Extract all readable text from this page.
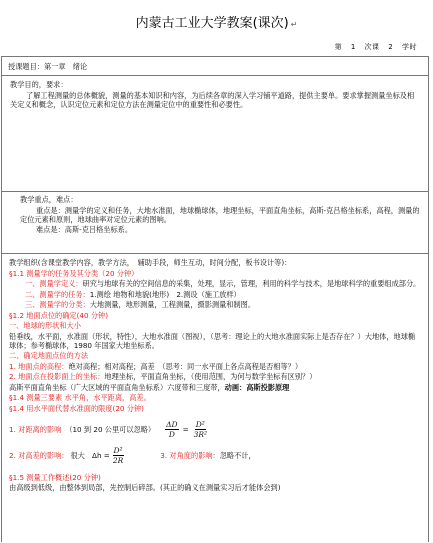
内蒙古工业大学教案(课次) ↵
第 1 次课 2 学时
授课题目：第一章　绪论
教学目的，要求：
了解工程测量的总体概貌，测量的基本知识和内容，为后续各章的深入学习铺平道路，提供主要单。要求掌握测量坐标及相关定义和概念，认识定位元素和定位方法在测量定位中的重要性和必要性。
教学重点，难点：
重点是：测量学的定义和任务，大地水准面，地球椭球体，地理坐标，平面直角坐标，高斯-克吕格坐标系，高程，测量的定位元素和原则，地球曲率对定位元素的图响。
难点是：高斯-克吕格坐标系。
教学组织(含课堂教学内容，教学方法，　辅助手段，师生互动，时间分配，板书设计等)：
§1.1 测量学的任务及其分类（20 分钟）
一、测量学定义：研究与地球有关的空间信息的采集，处理，显示，管理，利用的科学与技术，是地球科学的重要组成部分。
二、测量学的任务：1.测绘 地物和地貌(地形)　2.测设（施工放样）
三、测量学的分类：大地测量，地形测量，工程测量，摄影测量和制图。
§1.2 地面点位的确定(40 分钟)
一、地球的形状和大小
铅垂线，水平面，水准面（形状，特性），大地水准面（图视），（思考：理论上的大地水准面实际上是否存在？）大地体，地球椭球体；参考椭球体，1980 年国家大地坐标系。
二、确定地面点位的方法
1. 地面点的高程：绝对高程；相对高程；高差　（思考：同一水平面上各点高程是否相等？）
2. 地面点在投影面上的坐标：地理坐标，平面直角坐标，（使用范围，为何与数学坐标有区别？）
高斯平面直角坐标（广大区域的平面直角坐标系）六度带和三度带，动画：高斯投影原理
§1.4 测量三要素 水平角，水平距离，高差。
§1.4 用水平面代替水准面的限度(20 分钟)
1. 对距离的影响 （10 到 20 公里可以忽略） $\frac{\Delta D}{D} = \frac{\text{D²}}{\text{3R²}}$
2. 对高差的影响： 很大　$\Delta h = \frac{\text{D²}}{2R}$	3. 对角度的影响： 忽略不计，
§1.5 测量工作概述(20 分钟)
由高级到低级，由整体到局部，先控制后碎部。(其正的确义在测量实习后才能体会到)
